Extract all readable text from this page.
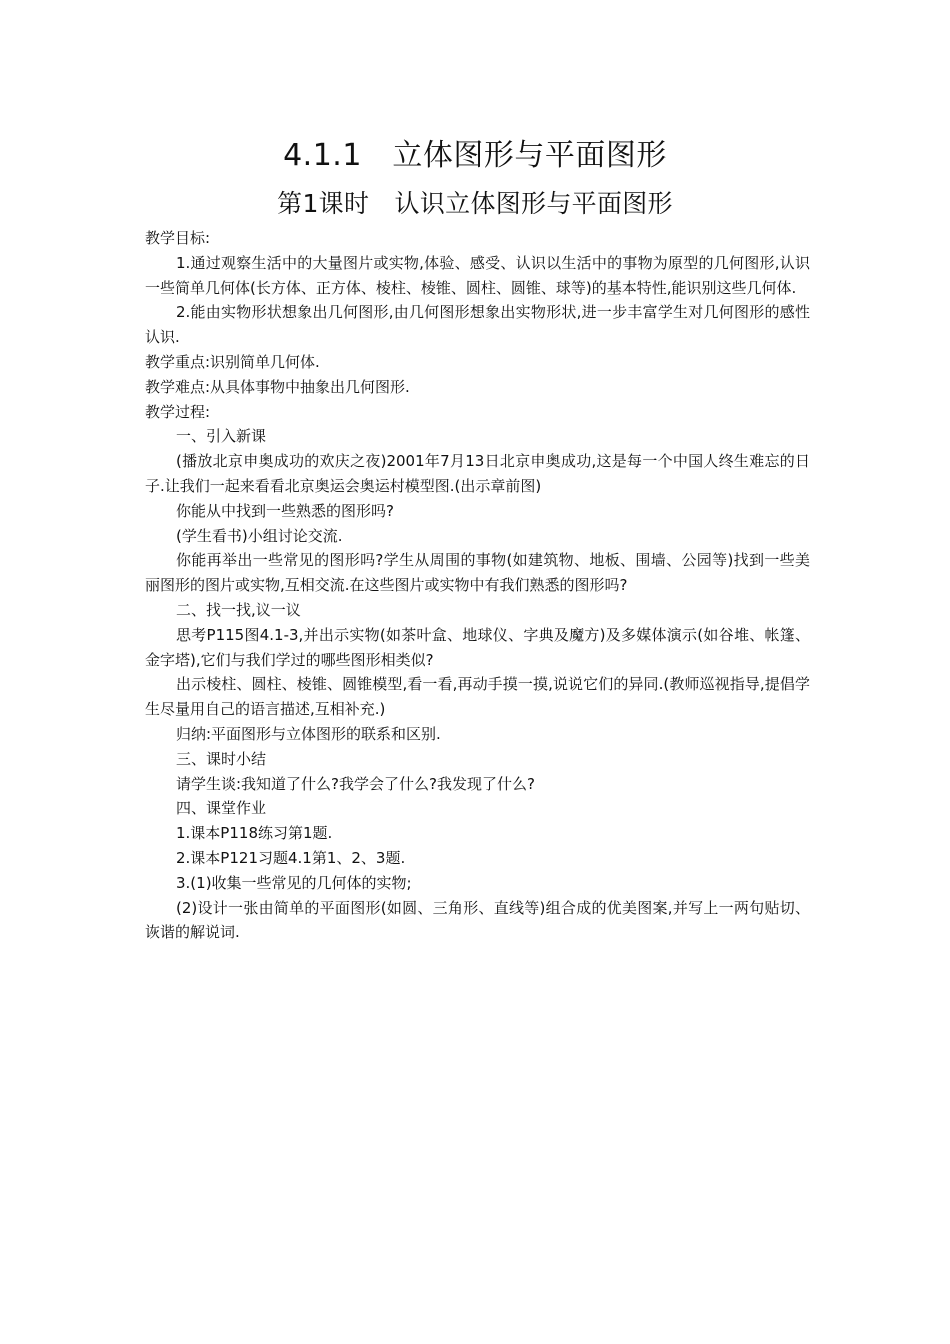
4.1.1　立体图形与平面图形
第1课时　认识立体图形与平面图形

教学目标:

1.通过观察生活中的大量图片或实物,体验、感受、认识以生活中的事物为原型的几何图形,认识一些简单几何体(长方体、正方体、棱柱、棱锥、圆柱、圆锥、球等)的基本特性,能识别这些几何体.

2.能由实物形状想象出几何图形,由几何图形想象出实物形状,进一步丰富学生对几何图形的感性认识.

教学重点:识别简单几何体.

教学难点:从具体事物中抽象出几何图形.

教学过程:

一、引入新课

(播放北京申奥成功的欢庆之夜)2001年7月13日北京申奥成功,这是每一个中国人终生难忘的日子.让我们一起来看看北京奥运会奥运村模型图.(出示章前图)

你能从中找到一些熟悉的图形吗?

(学生看书)小组讨论交流.

你能再举出一些常见的图形吗?学生从周围的事物(如建筑物、地板、围墙、公园等)找到一些美丽图形的图片或实物,互相交流.在这些图片或实物中有我们熟悉的图形吗?

二、找一找,议一议

思考P115图4.1-3,并出示实物(如茶叶盒、地球仪、字典及魔方)及多媒体演示(如谷堆、帐篷、金字塔),它们与我们学过的哪些图形相类似?

出示棱柱、圆柱、棱锥、圆锥模型,看一看,再动手摸一摸,说说它们的异同.(教师巡视指导,提倡学生尽量用自己的语言描述,互相补充.)

归纳:平面图形与立体图形的联系和区别.

三、课时小结

请学生谈:我知道了什么?我学会了什么?我发现了什么?

四、课堂作业

1.课本P118练习第1题.

2.课本P121习题4.1第1、2、3题.

3.(1)收集一些常见的几何体的实物;

(2)设计一张由简单的平面图形(如圆、三角形、直线等)组合成的优美图案,并写上一两句贴切、诙谐的解说词.
